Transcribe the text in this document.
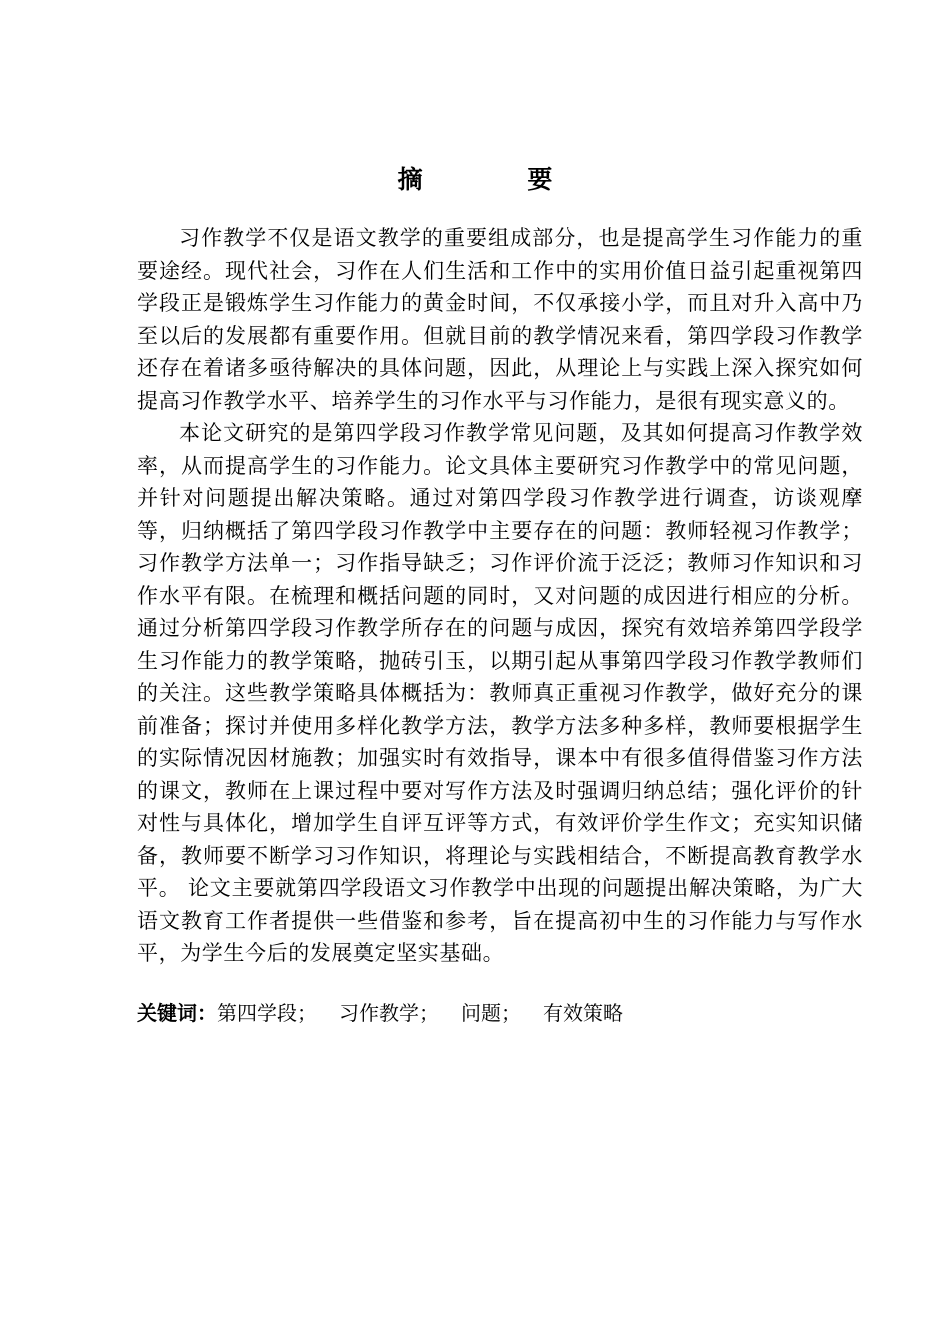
摘 要

习作教学不仅是语文教学的重要组成部分，也是提高学生习作能力的重要途经。现代社会，习作在人们生活和工作中的实用价值日益引起重视第四学段正是锻炼学生习作能力的黄金时间，不仅承接小学，而且对升入高中乃至以后的发展都有重要作用。但就目前的教学情况来看，第四学段习作教学还存在着诸多亟待解决的具体问题，因此，从理论上与实践上深入探究如何提高习作教学水平、培养学生的习作水平与习作能力，是很有现实意义的。

本论文研究的是第四学段习作教学常见问题，及其如何提高习作教学效率，从而提高学生的习作能力。论文具体主要研究习作教学中的常见问题，并针对问题提出解决策略。通过对第四学段习作教学进行调查，访谈观摩等，归纳概括了第四学段习作教学中主要存在的问题：教师轻视习作教学；习作教学方法单一；习作指导缺乏；习作评价流于泛泛；教师习作知识和习作水平有限。在梳理和概括问题的同时，又对问题的成因进行相应的分析。通过分析第四学段习作教学所存在的问题与成因，探究有效培养第四学段学生习作能力的教学策略，抛砖引玉，以期引起从事第四学段习作教学教师们的关注。这些教学策略具体概括为：教师真正重视习作教学，做好充分的课前准备；探讨并使用多样化教学方法，教学方法多种多样，教师要根据学生的实际情况因材施教；加强实时有效指导，课本中有很多值得借鉴习作方法的课文，教师在上课过程中要对写作方法及时强调归纳总结；强化评价的针对性与具体化，增加学生自评互评等方式，有效评价学生作文；充实知识储备，教师要不断学习习作知识，将理论与实践相结合，不断提高教育教学水平。 论文主要就第四学段语文习作教学中出现的问题提出解决策略，为广大语文教育工作者提供一些借鉴和参考，旨在提高初中生的习作能力与写作水平，为学生今后的发展奠定坚实基础。

关键词：第四学段； 习作教学； 问题； 有效策略
